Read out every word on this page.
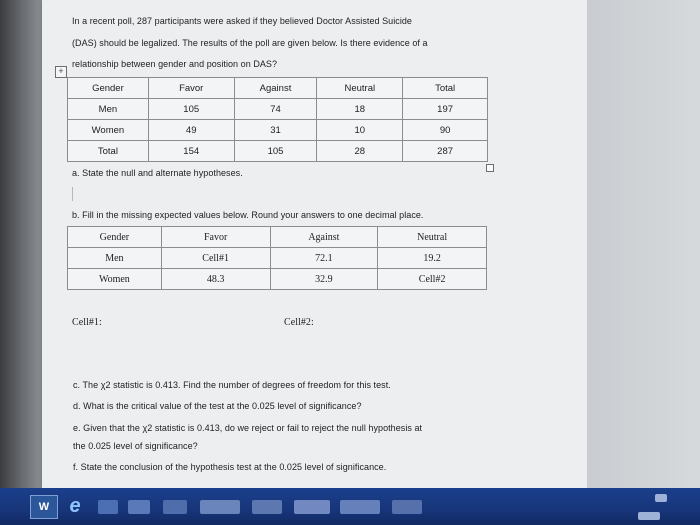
In a recent poll, 287 participants were asked if they believed Doctor Assisted Suicide
(DAS) should be legalized. The results of the poll are given below. Is there evidence of a
relationship between gender and position on DAS?
+
Gender	Favor	Against	Neutral	Total
Men	105	74	18	197
Women	49	31	10	90
Total	154	105	28	287
a. State the null and alternate hypotheses.
b. Fill in the missing expected values below. Round your answers to one decimal place.
Gender	Favor	Against	Neutral
Men	Cell#1	72.1	19.2
Women	48.3	32.9	Cell#2
Cell#1:	Cell#2:
c. The χ2 statistic is 0.413. Find the number of degrees of freedom for this test.
d. What is the critical value of the test at the 0.025 level of significance?
e. Given that the χ2 statistic is 0.413, do we reject or fail to reject the null hypothesis at
the 0.025 level of significance?
f. State the conclusion of the hypothesis test at the 0.025 level of significance.
W	e
